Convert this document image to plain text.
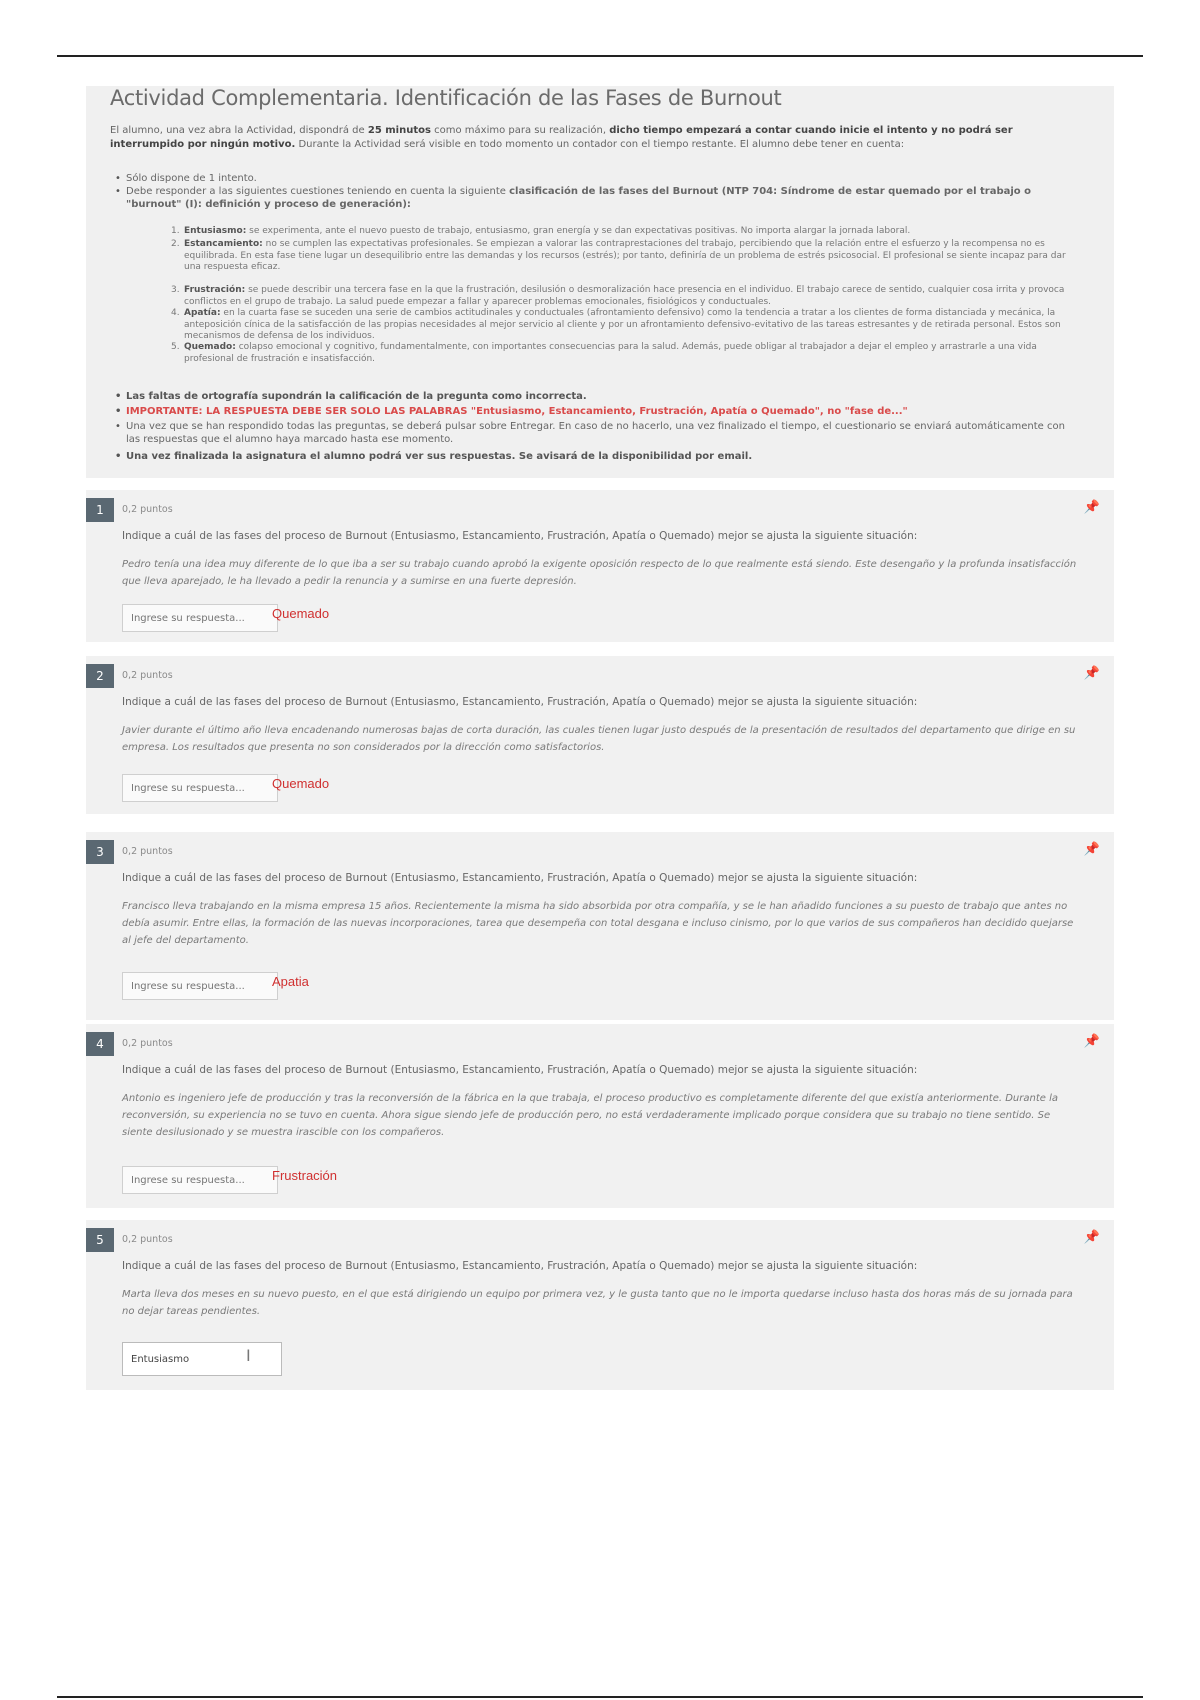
Actividad Complementaria. Identificación de las Fases de Burnout
El alumno, una vez abra la Actividad, dispondrá de 25 minutos como máximo para su realización, dicho tiempo empezará a contar cuando inicie el intento y no podrá ser interrumpido por ningún motivo. Durante la Actividad será visible en todo momento un contador con el tiempo restante. El alumno debe tener en cuenta:
• Sólo dispone de 1 intento.
• Debe responder a las siguientes cuestiones teniendo en cuenta la siguiente clasificación de las fases del Burnout (NTP 704: Síndrome de estar quemado por el trabajo o "burnout" (I): definición y proceso de generación):
1. Entusiasmo: se experimenta, ante el nuevo puesto de trabajo, entusiasmo, gran energía y se dan expectativas positivas. No importa alargar la jornada laboral.
2. Estancamiento: no se cumplen las expectativas profesionales. Se empiezan a valorar las contraprestaciones del trabajo, percibiendo que la relación entre el esfuerzo y la recompensa no es equilibrada. En esta fase tiene lugar un desequilibrio entre las demandas y los recursos (estrés); por tanto, definiría de un problema de estrés psicosocial. El profesional se siente incapaz para dar una respuesta eficaz.
3. Frustración: se puede describir una tercera fase en la que la frustración, desilusión o desmoralización hace presencia en el individuo. El trabajo carece de sentido, cualquier cosa irrita y provoca conflictos en el grupo de trabajo. La salud puede empezar a fallar y aparecer problemas emocionales, fisiológicos y conductuales.
4. Apatía: en la cuarta fase se suceden una serie de cambios actitudinales y conductuales (afrontamiento defensivo) como la tendencia a tratar a los clientes de forma distanciada y mecánica, la anteposición cínica de la satisfacción de las propias necesidades al mejor servicio al cliente y por un afrontamiento defensivo-evitativo de las tareas estresantes y de retirada personal. Estos son mecanismos de defensa de los individuos.
5. Quemado: colapso emocional y cognitivo, fundamentalmente, con importantes consecuencias para la salud. Además, puede obligar al trabajador a dejar el empleo y arrastrarle a una vida profesional de frustración e insatisfacción.
• Las faltas de ortografía supondrán la calificación de la pregunta como incorrecta.
• IMPORTANTE: LA RESPUESTA DEBE SER SOLO LAS PALABRAS "Entusiasmo, Estancamiento, Frustración, Apatía o Quemado", no "fase de..."
• Una vez que se han respondido todas las preguntas, se deberá pulsar sobre Entregar. En caso de no hacerlo, una vez finalizado el tiempo, el cuestionario se enviará automáticamente con las respuestas que el alumno haya marcado hasta ese momento.
• Una vez finalizada la asignatura el alumno podrá ver sus respuestas. Se avisará de la disponibilidad por email.
1	0,2 puntos	📌
Indique a cuál de las fases del proceso de Burnout (Entusiasmo, Estancamiento, Frustración, Apatía o Quemado) mejor se ajusta la siguiente situación:
Pedro tenía una idea muy diferente de lo que iba a ser su trabajo cuando aprobó la exigente oposición respecto de lo que realmente está siendo. Este desengaño y la profunda insatisfacción que lleva aparejado, le ha llevado a pedir la renuncia y a sumirse en una fuerte depresión.
Ingrese su respuesta...
Quemado
2	0,2 puntos	📌
Indique a cuál de las fases del proceso de Burnout (Entusiasmo, Estancamiento, Frustración, Apatía o Quemado) mejor se ajusta la siguiente situación:
Javier durante el último año lleva encadenando numerosas bajas de corta duración, las cuales tienen lugar justo después de la presentación de resultados del departamento que dirige en su empresa. Los resultados que presenta no son considerados por la dirección como satisfactorios.
Ingrese su respuesta...
Quemado
3	0,2 puntos	📌
Indique a cuál de las fases del proceso de Burnout (Entusiasmo, Estancamiento, Frustración, Apatía o Quemado) mejor se ajusta la siguiente situación:
Francisco lleva trabajando en la misma empresa 15 años. Recientemente la misma ha sido absorbida por otra compañía, y se le han añadido funciones a su puesto de trabajo que antes no debía asumir. Entre ellas, la formación de las nuevas incorporaciones, tarea que desempeña con total desgana e incluso cinismo, por lo que varios de sus compañeros han decidido quejarse al jefe del departamento.
Ingrese su respuesta...
Apatia
4	0,2 puntos	📌
Indique a cuál de las fases del proceso de Burnout (Entusiasmo, Estancamiento, Frustración, Apatía o Quemado) mejor se ajusta la siguiente situación:
Antonio es ingeniero jefe de producción y tras la reconversión de la fábrica en la que trabaja, el proceso productivo es completamente diferente del que existía anteriormente. Durante la reconversión, su experiencia no se tuvo en cuenta. Ahora sigue siendo jefe de producción pero, no está verdaderamente implicado porque considera que su trabajo no tiene sentido. Se siente desilusionado y se muestra irascible con los compañeros.
Ingrese su respuesta...
Frustración
5	0,2 puntos	📌
Indique a cuál de las fases del proceso de Burnout (Entusiasmo, Estancamiento, Frustración, Apatía o Quemado) mejor se ajusta la siguiente situación:
Marta lleva dos meses en su nuevo puesto, en el que está dirigiendo un equipo por primera vez, y le gusta tanto que no le importa quedarse incluso hasta dos horas más de su jornada para no dejar tareas pendientes.
Entusiasmo
I
